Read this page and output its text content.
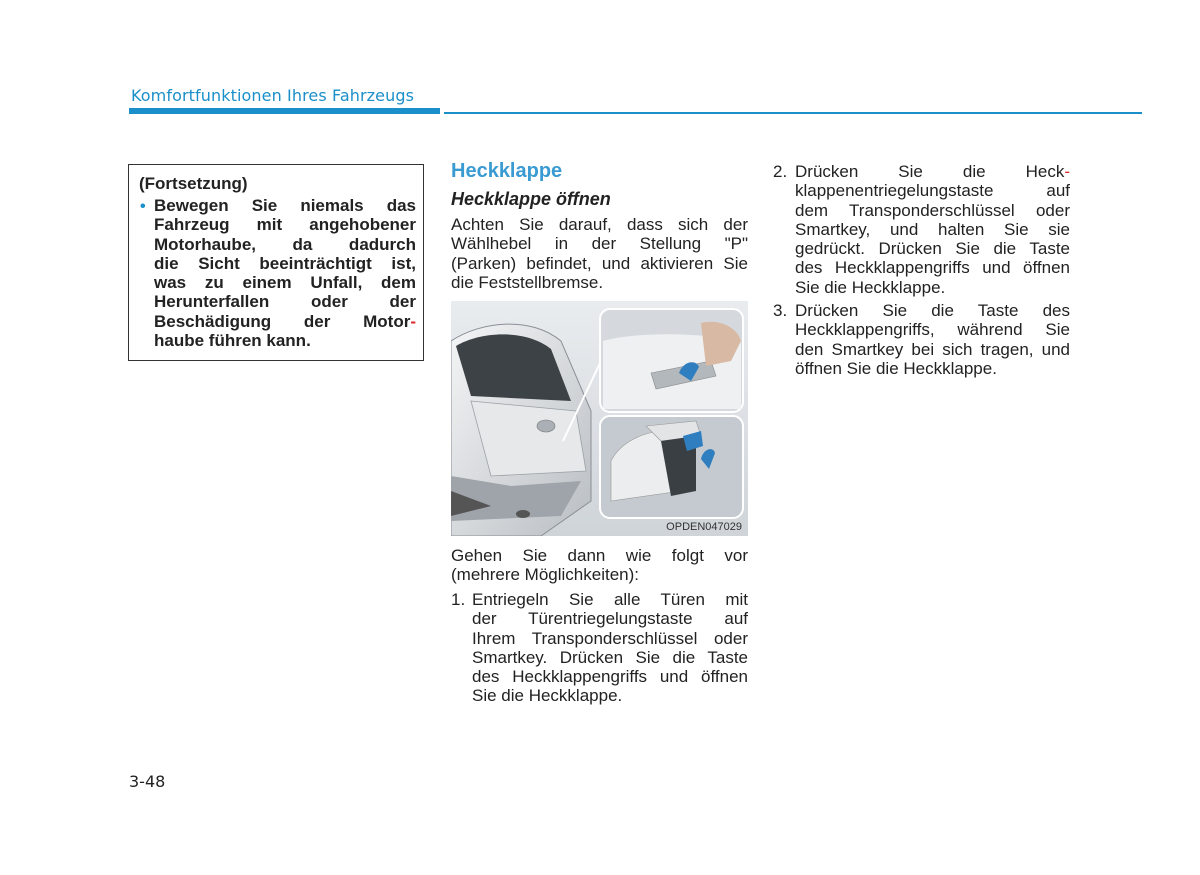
Komfortfunktionen Ihres Fahrzeugs
(Fortsetzung)
• Bewegen Sie niemals das
Fahrzeug mit angehobener
Motorhaube, da dadurch
die Sicht beeinträchtigt ist,
was zu einem Unfall, dem
Herunterfallen oder der
Beschädigung der Motor-
haube führen kann.
Heckklappe
Heckklappe öffnen
Achten Sie darauf, dass sich der
Wählhebel in der Stellung "P"
(Parken) befindet, und aktivieren Sie
die Feststellbremse.
OPDEN047029
Gehen Sie dann wie folgt vor
(mehrere Möglichkeiten):
1. Entriegeln Sie alle Türen mit
der Türentriegelungstaste auf
Ihrem Transponderschlüssel oder
Smartkey. Drücken Sie die Taste
des Heckklappengriffs und öffnen
Sie die Heckklappe.
2. Drücken Sie die Heck-
klappenentriegelungstaste auf
dem Transponderschlüssel oder
Smartkey, und halten Sie sie
gedrückt. Drücken Sie die Taste
des Heckklappengriffs und öffnen
Sie die Heckklappe.
3. Drücken Sie die Taste des
Heckklappengriffs, während Sie
den Smartkey bei sich tragen, und
öffnen Sie die Heckklappe.
3-48
